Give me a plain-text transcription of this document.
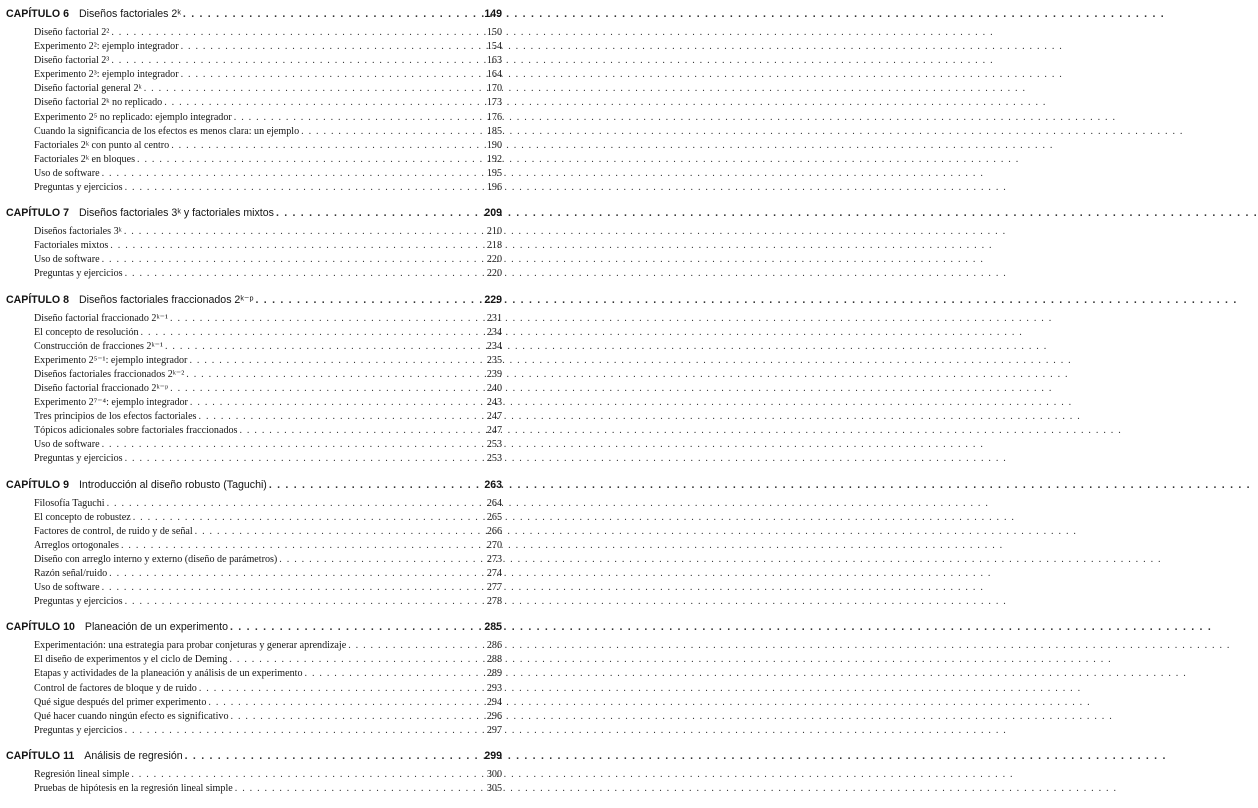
CAPÍTULO 6 Diseños factoriales 2ᵏ . . .	149
Diseño factorial 2² . . .	150
Experimento 2²: ejemplo integrador . . .	154
Diseño factorial 2³ . . .	163
Experimento 2³: ejemplo integrador . . .	164
Diseño factorial general 2ᵏ . . .	170
Diseño factorial 2ᵏ no replicado . . .	173
Experimento 2⁵ no replicado: ejemplo integrador . . .	176
Cuando la significancia de los efectos es menos clara: un ejemplo . . .	185
Factoriales 2ᵏ con punto al centro . . .	190
Factoriales 2ᵏ en bloques . . .	192
Uso de software . . .	195
Preguntas y ejercicios . . .	196
CAPÍTULO 7 Diseños factoriales 3ᵏ y factoriales mixtos . . .	209
Diseños factoriales 3ᵏ . . .	210
Factoriales mixtos . . .	218
Uso de software . . .	220
Preguntas y ejercicios . . .	220
CAPÍTULO 8 Diseños factoriales fraccionados 2ᵏ⁻ᵖ . . .	229
Diseño factorial fraccionado 2ᵏ⁻¹ . . .	231
El concepto de resolución . . .	234
Construcción de fracciones 2ᵏ⁻¹ . . .	234
Experimento 2⁵⁻¹: ejemplo integrador . . .	235
Diseños factoriales fraccionados 2ᵏ⁻² . . .	239
Diseño factorial fraccionado 2ᵏ⁻ᵖ . . .	240
Experimento 2⁷⁻⁴: ejemplo integrador . . .	243
Tres principios de los efectos factoriales . . .	247
Tópicos adicionales sobre factoriales fraccionados . . .	247
Uso de software . . .	253
Preguntas y ejercicios . . .	253
CAPÍTULO 9 Introducción al diseño robusto (Taguchi) . . .	263
Filosofía Taguchi . . .	264
El concepto de robustez . . .	265
Factores de control, de ruido y de señal . . .	266
Arreglos ortogonales . . .	270
Diseño con arreglo interno y externo (diseño de parámetros) . . .	273
Razón señal/ruido . . .	274
Uso de software . . .	277
Preguntas y ejercicios . . .	278
CAPÍTULO 10 Planeación de un experimento . . .	285
Experimentación: una estrategia para probar conjeturas y generar aprendizaje . . .	286
El diseño de experimentos y el ciclo de Deming . . .	288
Etapas y actividades de la planeación y análisis de un experimento . . .	289
Control de factores de bloque y de ruido . . .	293
Qué sigue después del primer experimento . . .	294
Qué hacer cuando ningún efecto es significativo . . .	296
Preguntas y ejercicios . . .	297
CAPÍTULO 11 Análisis de regresión . . .	299
Regresión lineal simple . . .	300
Pruebas de hipótesis en la regresión lineal simple . . .	305
